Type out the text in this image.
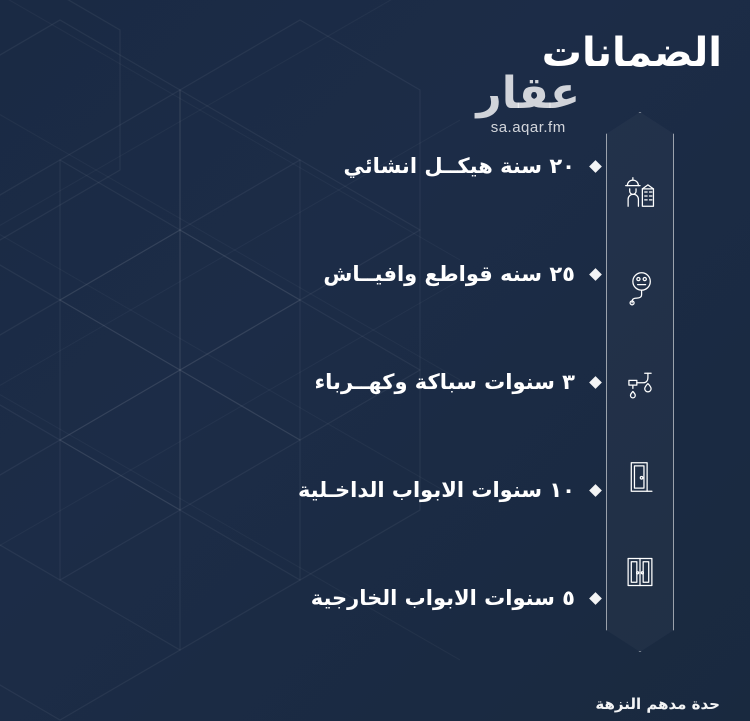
الضمانات
عقار
sa.aqar.fm
٢٠ سنة هيكــل انشائي
٢٥ سنه قواطع وافيــاش
٣ سنوات سباكة وكهــرباء
١٠ سنوات الابواب الداخـلية
٥ سنوات الابواب الخارجية
حدة مدهم النزهة
